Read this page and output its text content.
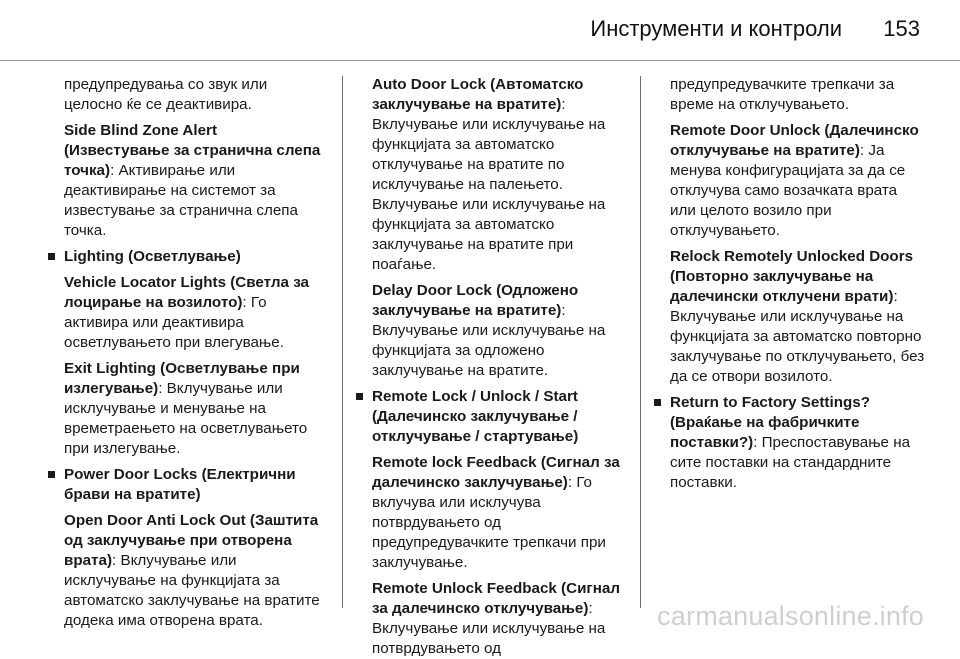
Инструменти и контроли 153

предупредувања со звук или целосно ќе се деактивира.

Side Blind Zone Alert (Известување за странична слепа точка): Активирање или деактивирање на системот за известување за странична слепа точка.

Lighting (Осветлување)

Vehicle Locator Lights (Светла за лоцирање на возилото): Го активира или деактивира осветлувањето при влегување.

Exit Lighting (Осветлување при излегување): Вклучување или исклучување и менување на времетраењето на осветлувањето при излегување.

Power Door Locks (Електрични брави на вратите)

Open Door Anti Lock Out (Заштита од заклучување при отворена врата): Вклучување или исклучување на функцијата за автоматско заклучување на вратите додека има отворена врата.

Auto Door Lock (Автоматско заклучување на вратите): Вклучување или исклучување на функцијата за автоматско отклучување на вратите по исклучување на палењето. Вклучување или исклучување на функцијата за автоматско заклучување на вратите при поаѓање.

Delay Door Lock (Одложено заклучување на вратите): Вклучување или исклучување на функцијата за одложено заклучување на вратите.

Remote Lock / Unlock / Start (Далечинско заклучување / отклучување / стартување)

Remote lock Feedback (Сигнал за далечинско заклучување): Го вклучува или исклучува потврдувањето од предупредувачките трепкачи при заклучување.

Remote Unlock Feedback (Сигнал за далечинско отклучување): Вклучување или исклучување на потврдувањето од

предупредувачките трепкачи за време на отклучувањето.

Remote Door Unlock (Далечинско отклучување на вратите): Ја менува конфигурацијата за да се отклучува само возачката врата или целото возило при отклучувањето.

Relock Remotely Unlocked Doors (Повторно заклучување на далечински отклучени врати): Вклучување или исклучување на функцијата за автоматско повторно заклучување по отклучувањето, без да се отвори возилото.

Return to Factory Settings? (Враќање на фабричките поставки?): Преспоставување на сите поставки на стандардните поставки.

carmanualsonline.info
